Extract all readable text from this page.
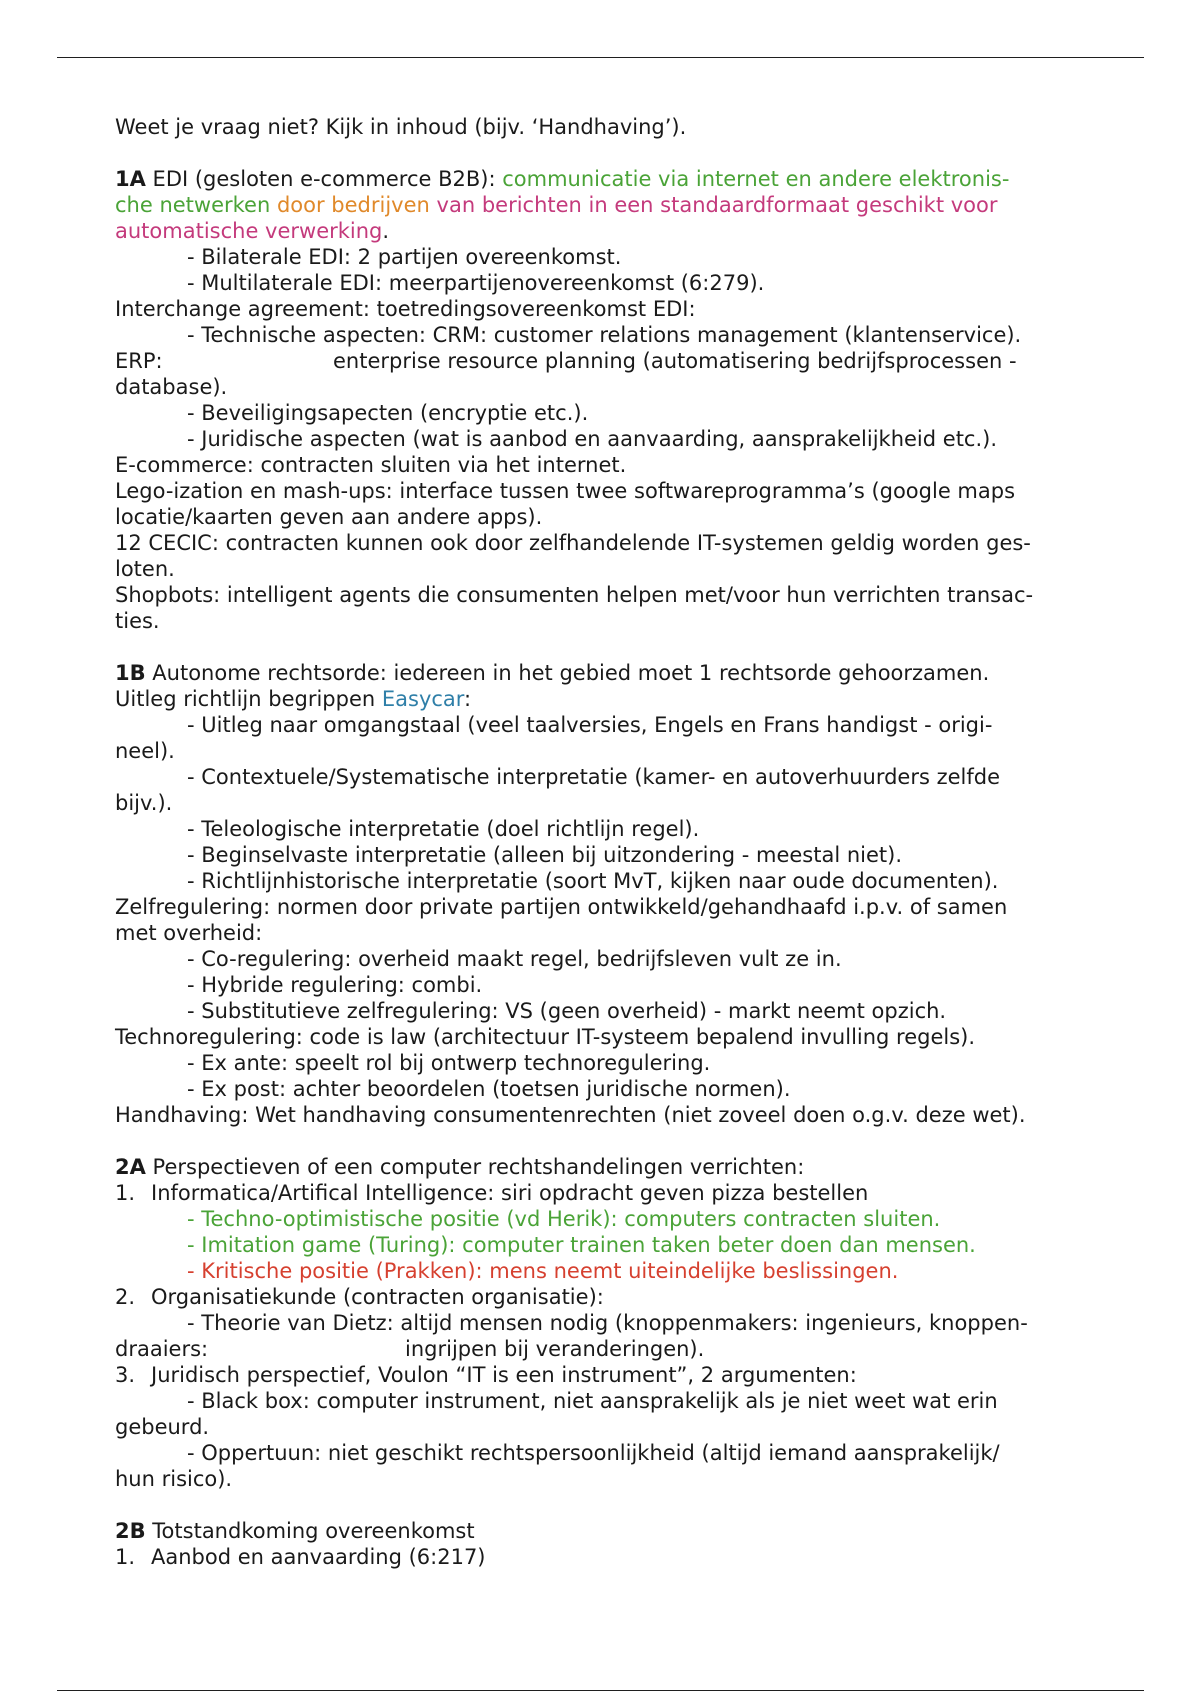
Weet je vraag niet? Kijk in inhoud (bijv. ‘Handhaving’).
1A EDI (gesloten e-commerce B2B): communicatie via internet en andere elektronis-
che netwerken door bedrijven van berichten in een standaardformaat geschikt voor
automatische verwerking.
- Bilaterale EDI: 2 partijen overeenkomst.
- Multilaterale EDI: meerpartijenovereenkomst (6:279).
Interchange agreement: toetredingsovereenkomst EDI:
- Technische aspecten: CRM: customer relations management (klantenservice).
ERP:	enterprise resource planning (automatisering bedrijfsprocessen -
database).
- Beveiligingsapecten (encryptie etc.).
- Juridische aspecten (wat is aanbod en aanvaarding, aansprakelijkheid etc.).
E-commerce: contracten sluiten via het internet.
Lego-ization en mash-ups: interface tussen twee softwareprogramma’s (google maps
locatie/kaarten geven aan andere apps).
12 CECIC: contracten kunnen ook door zelfhandelende IT-systemen geldig worden ges-
loten.
Shopbots: intelligent agents die consumenten helpen met/voor hun verrichten transac-
ties.
1B Autonome rechtsorde: iedereen in het gebied moet 1 rechtsorde gehoorzamen.
Uitleg richtlijn begrippen Easycar:
- Uitleg naar omgangstaal (veel taalversies, Engels en Frans handigst - origi-
neel).
- Contextuele/Systematische interpretatie (kamer- en autoverhuurders zelfde
bijv.).
- Teleologische interpretatie (doel richtlijn regel).
- Beginselvaste interpretatie (alleen bij uitzondering - meestal niet).
- Richtlijnhistorische interpretatie (soort MvT, kijken naar oude documenten).
Zelfregulering: normen door private partijen ontwikkeld/gehandhaafd i.p.v. of samen
met overheid:
- Co-regulering: overheid maakt regel, bedrijfsleven vult ze in.
- Hybride regulering: combi.
- Substitutieve zelfregulering: VS (geen overheid) - markt neemt opzich.
Technoregulering: code is law (architectuur IT-systeem bepalend invulling regels).
- Ex ante: speelt rol bij ontwerp technoregulering.
- Ex post: achter beoordelen (toetsen juridische normen).
Handhaving: Wet handhaving consumentenrechten (niet zoveel doen o.g.v. deze wet).
2A Perspectieven of een computer rechtshandelingen verrichten:
1. Informatica/Artifical Intelligence: siri opdracht geven pizza bestellen
- Techno-optimistische positie (vd Herik): computers contracten sluiten.
- Imitation game (Turing): computer trainen taken beter doen dan mensen.
- Kritische positie (Prakken): mens neemt uiteindelijke beslissingen.
2. Organisatiekunde (contracten organisatie):
- Theorie van Dietz: altijd mensen nodig (knoppenmakers: ingenieurs, knoppen-
draaiers:	ingrijpen bij veranderingen).
3. Juridisch perspectief, Voulon “IT is een instrument”, 2 argumenten:
- Black box: computer instrument, niet aansprakelijk als je niet weet wat erin
gebeurd.
- Oppertuun: niet geschikt rechtspersoonlijkheid (altijd iemand aansprakelijk/
hun risico).
2B Totstandkoming overeenkomst
1. Aanbod en aanvaarding (6:217)
